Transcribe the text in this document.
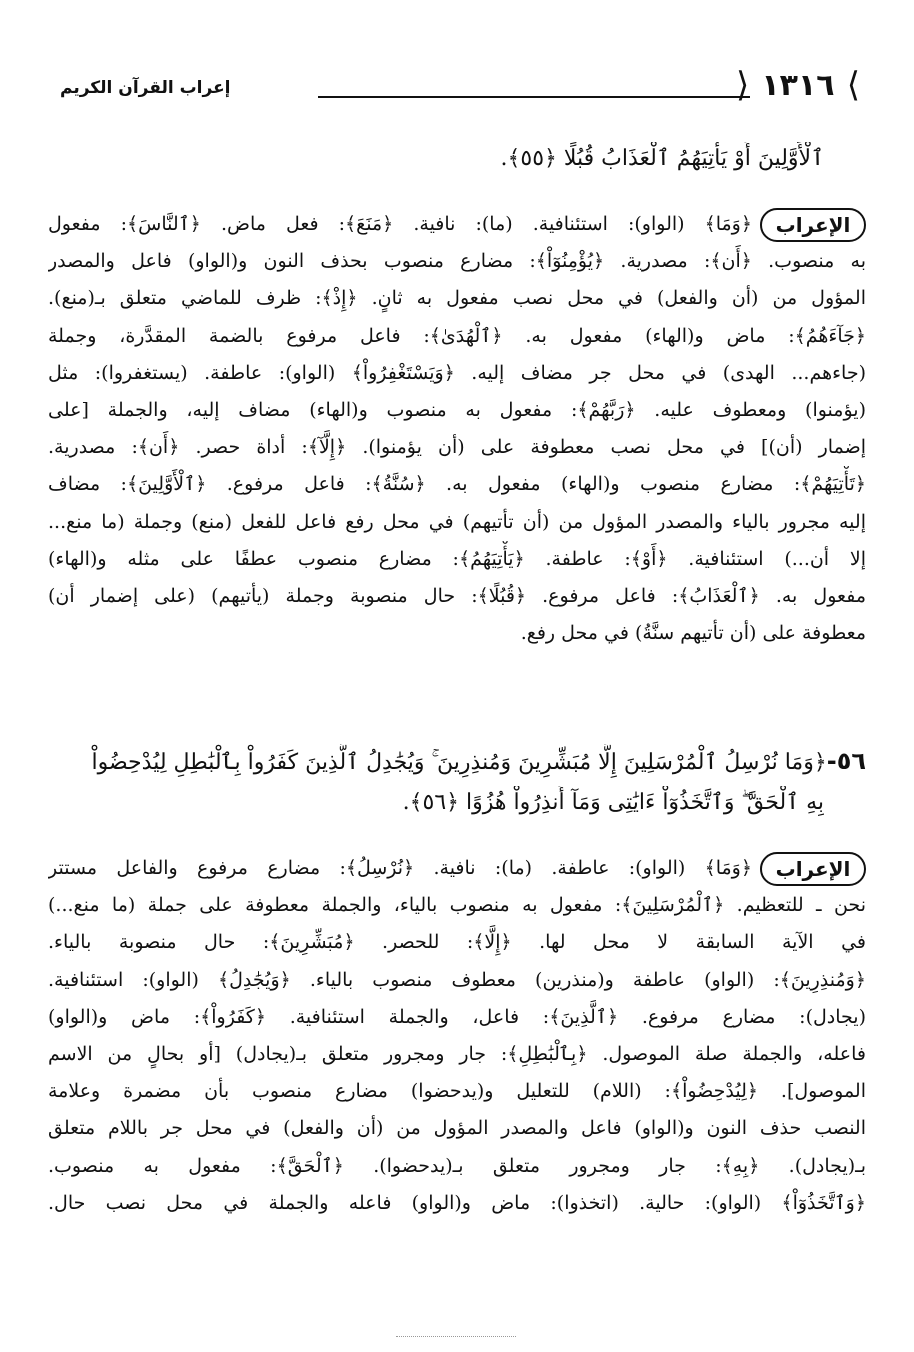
إعراب القرآن الكريم	⟨ ١٣١٦ ⟩
ٱلْأَوَّلِينَ أَوْ يَأْتِيَهُمُ ٱلْعَذَابُ قُبُلًا ﴿٥٥﴾.
الإعراب
﴿وَمَا﴾ (الواو): استئنافية. (ما): نافية. ﴿مَنَعَ﴾: فعل ماض. ﴿ٱلنَّاسَ﴾: مفعول
به منصوب. ﴿أَن﴾: مصدرية. ﴿يُؤْمِنُوٓاْ﴾: مضارع منصوب بحذف النون و(الواو) فاعل والمصدر
المؤول من (أن والفعل) في محل نصب مفعول به ثانٍ. ﴿إِذْ﴾: ظرف للماضي متعلق بـ(منع).
﴿جَآءَهُمُ﴾: ماض و(الهاء) مفعول به. ﴿ٱلْهُدَىٰ﴾: فاعل مرفوع بالضمة المقدَّرة، وجملة
(جاءهم... الهدى) في محل جر مضاف إليه. ﴿وَيَسْتَغْفِرُواْ﴾ (الواو): عاطفة. (يستغفروا): مثل
(يؤمنوا) ومعطوف عليه. ﴿رَبَّهُمْ﴾: مفعول به منصوب و(الهاء) مضاف إليه، والجملة [على
إضمار (أن)] في محل نصب معطوفة على (أن يؤمنوا). ﴿إِلَّآ﴾: أداة حصر. ﴿أَن﴾: مصدرية.
﴿تَأْتِيَهُمْ﴾: مضارع منصوب و(الهاء) مفعول به. ﴿سُنَّةُ﴾: فاعل مرفوع. ﴿ٱلْأَوَّلِينَ﴾: مضاف
إليه مجرور بالياء والمصدر المؤول من (أن تأتيهم) في محل رفع فاعل للفعل (منع) وجملة (ما منع...
إلا أن...) استئنافية. ﴿أَوْ﴾: عاطفة. ﴿يَأْتِيَهُمُ﴾: مضارع منصوب عطفًا على مثله و(الهاء)
مفعول به. ﴿ٱلْعَذَابُ﴾: فاعل مرفوع. ﴿قُبُلًا﴾: حال منصوبة وجملة (يأتيهم) (على إضمار أن)
معطوفة على (أن تأتيهم سنَّةُ) في محل رفع.
٥٦-﴿وَمَا نُرْسِلُ ٱلْمُرْسَلِينَ إِلَّا مُبَشِّرِينَ وَمُنذِرِينَ ۚ وَيُجَٰدِلُ ٱلَّذِينَ كَفَرُواْ بِٱلْبَٰطِلِ لِيُدْحِضُواْ
بِهِ ٱلْحَقَّ ۖ وَٱتَّخَذُوٓاْ ءَايَٰتِى وَمَآ أُنذِرُواْ هُزُوًا ﴿٥٦﴾.
الإعراب
﴿وَمَا﴾ (الواو): عاطفة. (ما): نافية. ﴿نُرْسِلُ﴾: مضارع مرفوع والفاعل مستتر
نحن ـ للتعظيم. ﴿ٱلْمُرْسَلِينَ﴾: مفعول به منصوب بالياء، والجملة معطوفة على جملة (ما منع...)
في الآية السابقة لا محل لها. ﴿إِلَّا﴾: للحصر. ﴿مُبَشِّرِينَ﴾: حال منصوبة بالياء.
﴿وَمُنذِرِينَ﴾: (الواو) عاطفة و(منذرين) معطوف منصوب بالياء. ﴿وَيُجَٰدِلُ﴾ (الواو): استئنافية.
(يجادل): مضارع مرفوع. ﴿ٱلَّذِينَ﴾: فاعل، والجملة استئنافية. ﴿كَفَرُواْ﴾: ماض و(الواو)
فاعله، والجملة صلة الموصول. ﴿بِٱلْبَٰطِلِ﴾: جار ومجرور متعلق بـ(يجادل) [أو بحالٍ من الاسم
الموصول]. ﴿لِيُدْحِضُواْ﴾: (اللام) للتعليل و(يدحضوا) مضارع منصوب بأن مضمرة وعلامة
النصب حذف النون و(الواو) فاعل والمصدر المؤول من (أن والفعل) في محل جر باللام متعلق
بـ(يجادل). ﴿بِهِ﴾: جار ومجرور متعلق بـ(يدحضوا). ﴿ٱلْحَقَّ﴾: مفعول به منصوب.
﴿وَٱتَّخَذُوٓاْ﴾ (الواو): حالية. (اتخذوا): ماض و(الواو) فاعله والجملة في محل نصب حال.
